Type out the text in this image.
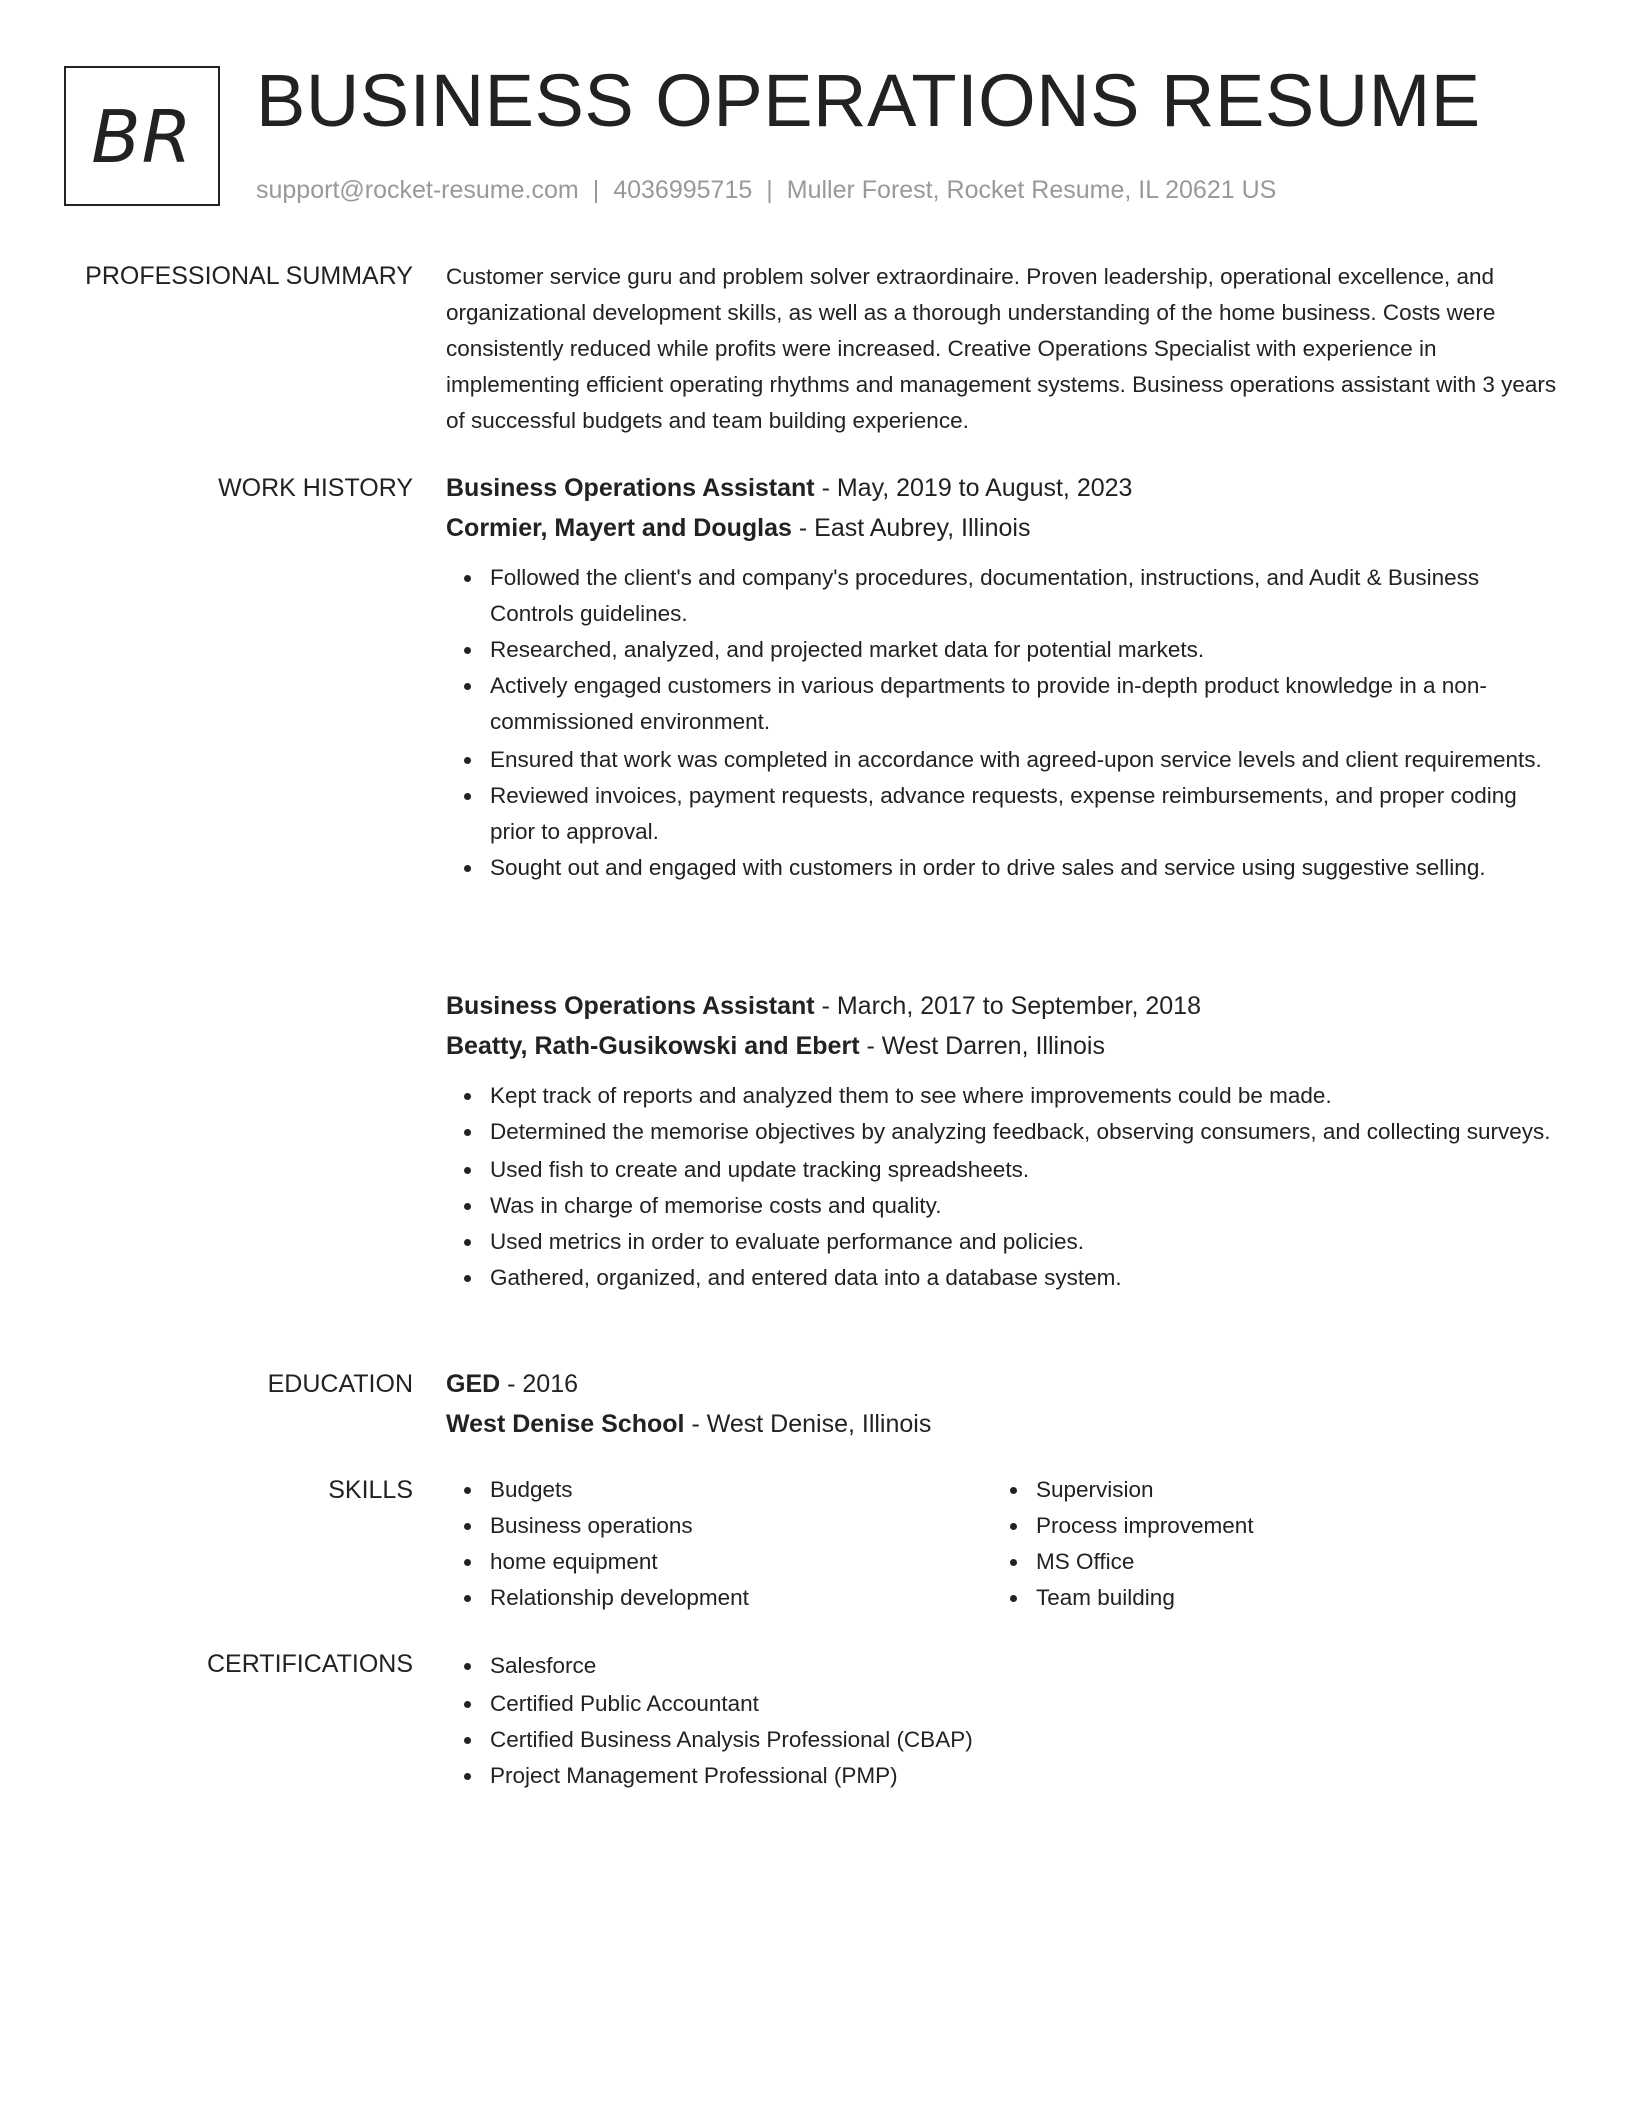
BR BUSINESS OPERATIONS RESUME
support@rocket-resume.com | 4036995715 | Muller Forest, Rocket Resume, IL 20621 US
PROFESSIONAL SUMMARY Customer service guru and problem solver extraordinaire. Proven leadership, operational excellence, and organizational development skills, as well as a thorough understanding of the home business. Costs were consistently reduced while profits were increased. Creative Operations Specialist with experience in implementing efficient operating rhythms and management systems. Business operations assistant with 3 years of successful budgets and team building experience.
WORK HISTORY Business Operations Assistant - May, 2019 to August, 2023
Cormier, Mayert and Douglas - East Aubrey, Illinois
Followed the client's and company's procedures, documentation, instructions, and Audit & Business Controls guidelines.
Researched, analyzed, and projected market data for potential markets.
Actively engaged customers in various departments to provide in-depth product knowledge in a non-commissioned environment.
Ensured that work was completed in accordance with agreed-upon service levels and client requirements.
Reviewed invoices, payment requests, advance requests, expense reimbursements, and proper coding prior to approval.
Sought out and engaged with customers in order to drive sales and service using suggestive selling.
Business Operations Assistant - March, 2017 to September, 2018
Beatty, Rath-Gusikowski and Ebert - West Darren, Illinois
Kept track of reports and analyzed them to see where improvements could be made.
Determined the memorise objectives by analyzing feedback, observing consumers, and collecting surveys.
Used fish to create and update tracking spreadsheets.
Was in charge of memorise costs and quality.
Used metrics in order to evaluate performance and policies.
Gathered, organized, and entered data into a database system.
EDUCATION GED - 2016
West Denise School - West Denise, Illinois
SKILLS	Budgets
Business operations
home equipment
Relationship development
Supervision
Process improvement
MS Office
Team building
CERTIFICATIONS	Salesforce
Certified Public Accountant
Certified Business Analysis Professional (CBAP)
Project Management Professional (PMP)
